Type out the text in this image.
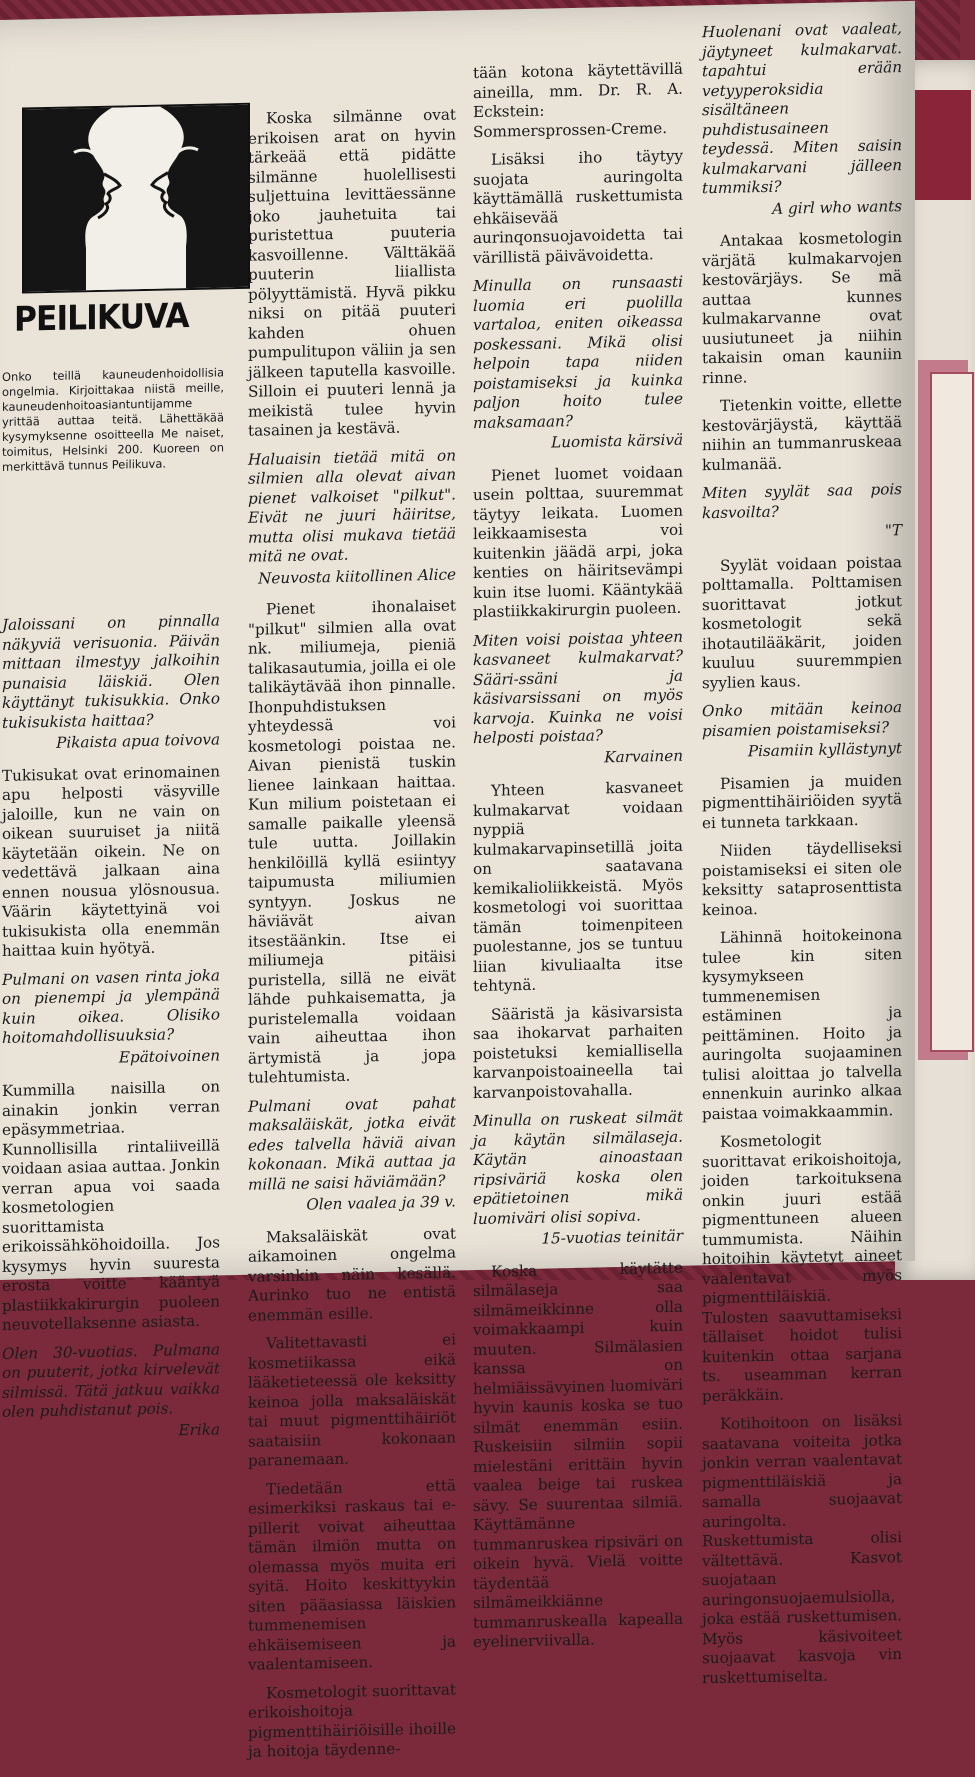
PEILIKUVA

Onko teillä kauneudenhoidollisia ongelmia. Kirjoittakaa niistä meille, kauneudenhoitoasiantuntijamme yrittää auttaa teitä. Lähettäkää kysymyksenne osoitteella Me naiset, toimitus, Helsinki 200. Kuoreen on merkittävä tunnus Peilikuva.

Jaloissani on pinnalla näkyviä verisuonia. Päivän mittaan ilmestyy jalkoihin punaisia läiskiä. Olen käyttänyt tukisukkia. Onko tukisukista haittaa?

Pikaista apua toivova

Tukisukat ovat erinomainen apu helposti väsyville jaloille, kun ne vain on oikean suuruiset ja niitä käytetään oikein. Ne on vedettävä jalkaan aina ennen nousua ylösnousua. Väärin käytettyinä voi tukisukista olla enemmän haittaa kuin hyötyä.

Pulmani on vasen rinta joka on pienempi ja ylempänä kuin oikea. Olisiko hoitomahdollisuuksia?

Epätoivoinen

Kummilla naisilla on ainakin jonkin verran epäsymmetriaa. Kunnollisilla rintaliiveillä voidaan asiaa auttaa. Jonkin verran apua voi saada kosmetologien suorittamista erikoissähköhoidoilla. Jos kysymys hyvin suuresta erosta voitte kääntyä plastiikkakirurgin puoleen neuvotellaksenne asiasta.

Olen 30-vuotias. Pulmana on puuterit, jotka kirvelevät silmissä. Tätä jatkuu vaikka olen puhdistanut pois.

Erika

Koska silmänne ovat erikoisen arat on hyvin tärkeää että pidätte silmänne huolellisesti suljettuina levittäessänne joko jauhetuita tai puristettua puuteria kasvoillenne. Välttäkää puuterin liiallista pölyyttämistä. Hyvä pikku niksi on pitää puuteri kahden ohuen pumpulitupon väliin ja sen jälkeen taputella kasvoille. Silloin ei puuteri lennä ja meikistä tulee hyvin tasainen ja kestävä.

Haluaisin tietää mitä on silmien alla olevat aivan pienet valkoiset "pilkut". Eivät ne juuri häiritse, mutta olisi mukava tietää mitä ne ovat.

Neuvosta kiitollinen Alice

Pienet ihonalaiset "pilkut" silmien alla ovat nk. miliumeja, pieniä talikasautumia, joilla ei ole talikäytävää ihon pinnalle. Ihonpuhdistuksen yhteydessä voi kosmetologi poistaa ne. Aivan pienistä tuskin lienee lainkaan haittaa. Kun milium poistetaan ei samalle paikalle yleensä tule uutta. Joillakin henkilöillä kyllä esiintyy taipumusta miliumien syntyyn. Joskus ne häviävät aivan itsestäänkin. Itse ei miliumeja pitäisi puristella, sillä ne eivät lähde puhkaisematta, ja puristelemalla voidaan vain aiheuttaa ihon ärtymistä ja jopa tulehtumista.

Pulmani ovat pahat maksaläiskät, jotka eivät edes talvella häviä aivan kokonaan. Mikä auttaa ja millä ne saisi häviämään?

Olen vaalea ja 39 v.

Maksaläiskät ovat aikamoinen ongelma varsinkin näin kesällä. Aurinko tuo ne entistä enemmän esille.

Valitettavasti ei kosmetiikassa eikä lääketieteessä ole keksitty keinoa jolla maksaläiskät tai muut pigmenttihäiriöt saataisiin kokonaan paranemaan.

Tiedetään että esimerkiksi raskaus tai e-pillerit voivat aiheuttaa tämän ilmiön mutta on olemassa myös muita eri syitä. Hoito keskittyykin siten pääasiassa läiskien tummenemisen ehkäisemiseen ja vaalentamiseen.

Kosmetologit suorittavat erikoishoitoja pigmenttihäiriöisille ihoille ja hoitoja täydenne-

tään kotona käytettävillä aineilla, mm. Dr. R. A. Eckstein: Sommersprossen-Creme.

Lisäksi iho täytyy suojata auringolta käyttämällä ruskettumista ehkäisevää aurinqonsuojavoidetta tai värillistä päivävoidetta.

Minulla on runsaasti luomia eri puolilla vartaloa, eniten oikeassa poskessani. Mikä olisi helpoin tapa niiden poistamiseksi ja kuinka paljon hoito tulee maksamaan?

Luomista kärsivä

Pienet luomet voidaan usein polttaa, suuremmat täytyy leikata. Luomen leikkaamisesta voi kuitenkin jäädä arpi, joka kenties on häiritsevämpi kuin itse luomi. Kääntykää plastiikkakirurgin puoleen.

Miten voisi poistaa yhteen kasvaneet kulmakarvat? Sääri-ssäni ja käsivarsissani on myös karvoja. Kuinka ne voisi helposti poistaa?

Karvainen

Yhteen kasvaneet kulmakarvat voidaan nyppiä kulmakarvapinsetillä joita on saatavana kemikalioliikkeistä. Myös kosmetologi voi suorittaa tämän toimenpiteen puolestanne, jos se tuntuu liian kivuliaalta itse tehtynä.

Sääristä ja käsivarsista saa ihokarvat parhaiten poistetuksi kemiallisella karvanpoistoaineella tai karvanpoistovahalla.

Minulla on ruskeat silmät ja käytän silmälaseja. Käytän ainoastaan ripsiväriä koska olen epätietoinen mikä luomiväri olisi sopiva.

15-vuotias teinitär

Koska käytätte silmälaseja saa silmämeikkinne olla voimakkaampi kuin muuten. Silmälasien kanssa on helmiäissävyinen luomiväri hyvin kaunis koska se tuo silmät enemmän esiin. Ruskeisiin silmiin sopii mielestäni erittäin hyvin vaalea beige tai ruskea sävy. Se suurentaa silmiä. Käyttämänne tummanruskea ripsiväri on oikein hyvä. Vielä voitte täydentää silmämeikkiänne tummanruskealla kapealla eyelinerviivalla.

Huolenani ovat vaaleat, jäytyneet kulmakarvat. tapahtui erään vetyyperoksidia sisältäneen puhdistusaineen teydessä. Miten saisin kulmakarvani jälleen tummiksi?

A girl who wants

Antakaa kosmetologin värjätä kulmakarvojen kestovärjäys. Se mä auttaa kunnes kulmakarvanne ovat uusiutuneet ja niihin takaisin oman kauniin rinne.

Tietenkin voitte, ellette kestovärjäystä, käyttää niihin an tummanruskeaa kulmanää.

Miten syylät saa pois kasvoilta?

"T

Syylät voidaan poistaa polttamalla. Polttamisen suorittavat jotkut kosmetologit sekä ihotautilääkärit, joiden kuuluu suuremmpien syylien kaus.

Onko mitään keinoa pisamien poistamiseksi?

Pisamiin kyllästynyt

Pisamien ja muiden pigmenttihäiriöiden syytä ei tunneta tarkkaan.

Niiden täydelliseksi poistamiseksi ei siten ole keksitty sataprosenttista keinoa.

Lähinnä hoitokeinona tulee kin siten kysymykseen tummenemisen estäminen ja peittäminen. Hoito ja auringolta suojaaminen tulisi aloittaa jo talvella ennenkuin aurinko alkaa paistaa voimakkaammin.

Kosmetologit suorittavat erikoishoitoja, joiden tarkoituksena onkin juuri estää pigmenttuneen alueen tummumista. Näihin hoitoihin käytetyt aineet vaalentavat myös pigmenttiläiskiä. Tulosten saavuttamiseksi tällaiset hoidot tulisi kuitenkin ottaa sarjana ts. useamman kerran peräkkäin.

Kotihoitoon on lisäksi saatavana voiteita jotka jonkin verran vaalentavat pigmenttiläiskiä ja samalla suojaavat auringolta. Ruskettumista olisi vältettävä. Kasvot suojataan auringonsuojaemulsiolla, joka estää ruskettumisen. Myös käsivoiteet suojaavat kasvoja vin ruskettumiselta.
